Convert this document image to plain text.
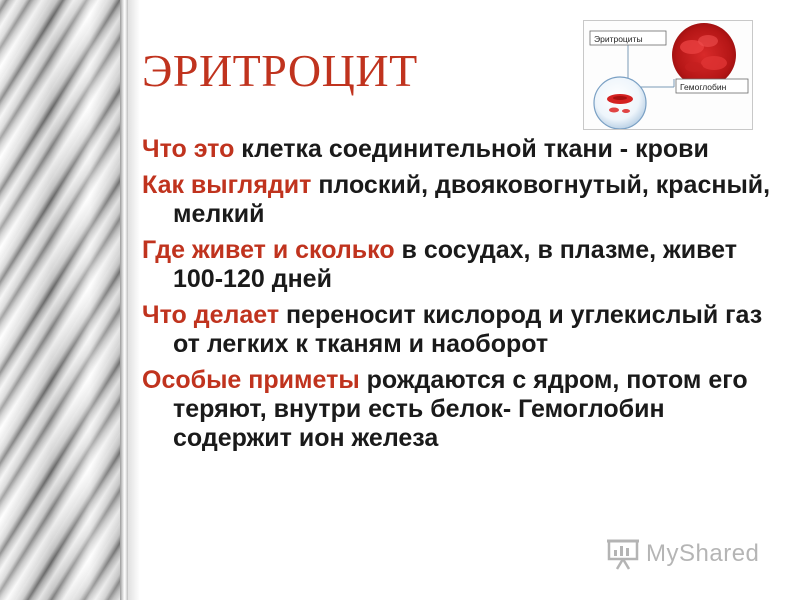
ЭРИТРОЦИТ
Эритроциты
Гемоглобин
Что это клетка соединительной ткани - крови
Как выглядит плоский, двояковогнутый, красный, мелкий
Где живет и сколько в сосудах, в плазме, живет 100-120 дней
Что делает переносит кислород и углекислый газ от легких к тканям и наоборот
Особые приметы рождаются с ядром, потом его теряют, внутри есть белок- Гемоглобин содержит ион железа
MyShared
